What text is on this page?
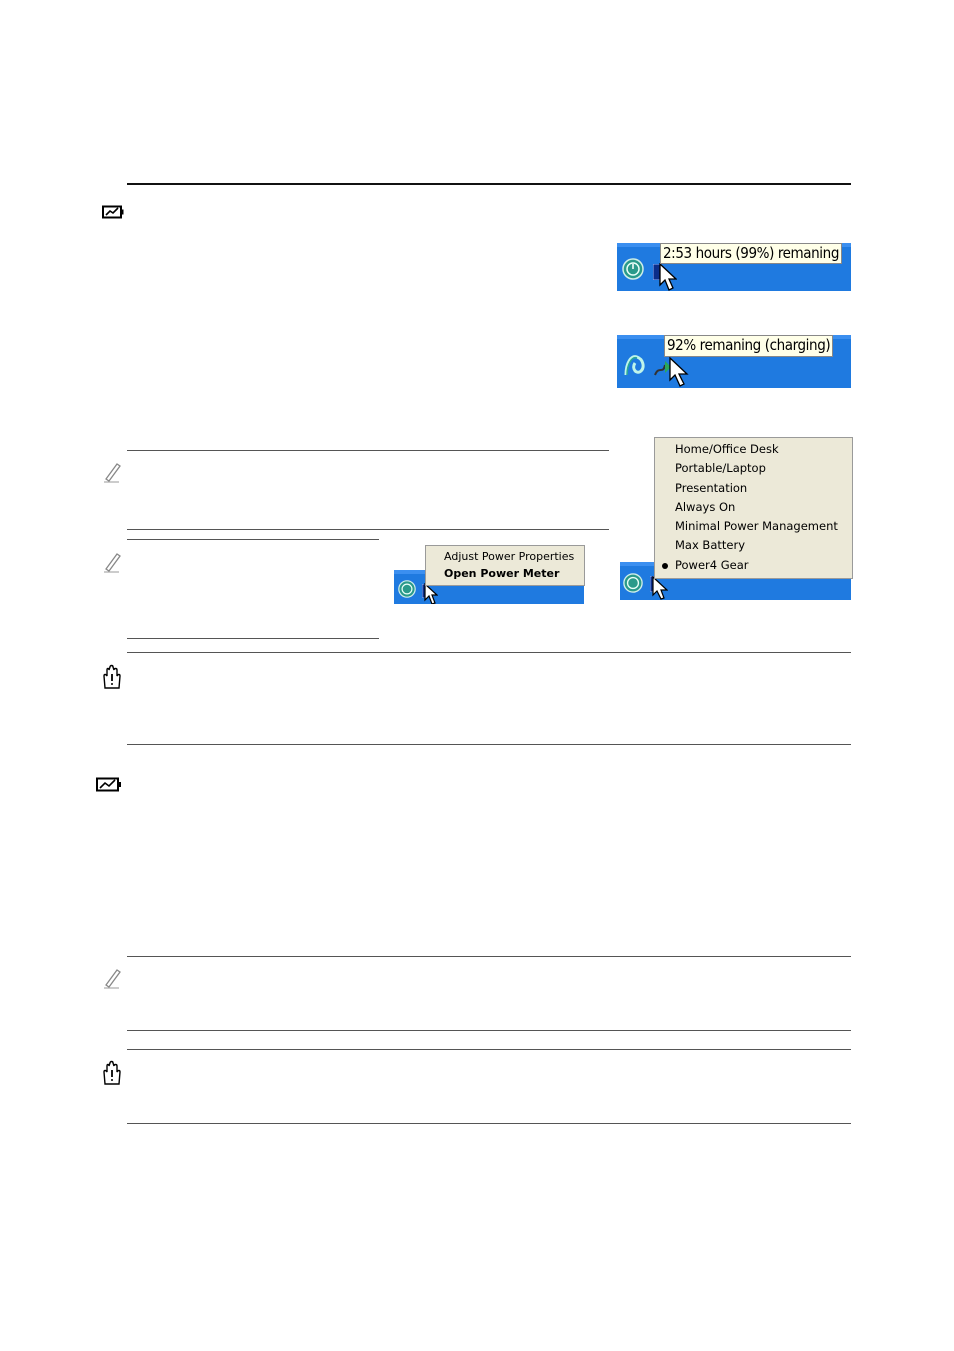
2:53 hours (99%) remaning
92% remaning (charging)
Adjust Power Properties
Open Power Meter
Home/Office Desk
Portable/Laptop
Presentation
Always On
Minimal Power Management
Max Battery
Power4 Gear
